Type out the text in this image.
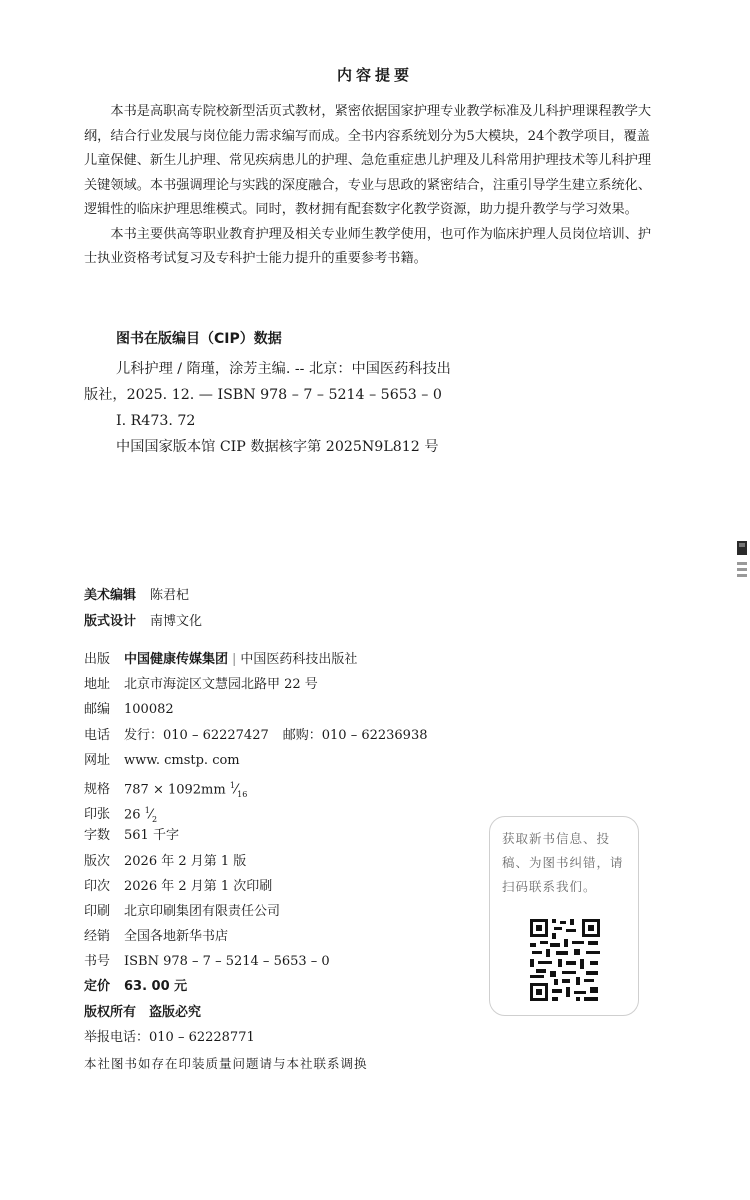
内容提要

本书是高职高专院校新型活页式教材，紧密依据国家护理专业教学标准及儿科护理课程教学大纲，结合行业发展与岗位能力需求编写而成。全书内容系统划分为5大模块，24个教学项目，覆盖儿童保健、新生儿护理、常见疾病患儿的护理、急危重症患儿护理及儿科常用护理技术等儿科护理关键领域。本书强调理论与实践的深度融合，专业与思政的紧密结合，注重引导学生建立系统化、逻辑性的临床护理思维模式。同时，教材拥有配套数字化教学资源，助力提升教学与学习效果。

本书主要供高等职业教育护理及相关专业师生教学使用，也可作为临床护理人员岗位培训、护士执业资格考试复习及专科护士能力提升的重要参考书籍。

图书在版编目（CIP）数据
儿科护理 / 隋瑾，涂芳主编. -- 北京：中国医药科技出
版社，2025. 12. — ISBN 978 – 7 – 5214 – 5653 – 0
Ⅰ. R473. 72
中国国家版本馆 CIP 数据核字第 2025N9L812 号
美术编辑 陈君杞
版式设计 南博文化
出版 中国健康传媒集团 | 中国医药科技出版社
地址 北京市海淀区文慧园北路甲 22 号
邮编 100082
电话 发行：010 – 62227427 邮购：010 – 62236938
网址 www. cmstp. com
规格 787 × 1092mm $^1⁄_{16}$
印张 26 $^1⁄_2$
字数 561 千字
版次 2026 年 2 月第 1 版
印次 2026 年 2 月第 1 次印刷
印刷 北京印刷集团有限责任公司
经销 全国各地新华书店
书号 ISBN 978 – 7 – 5214 – 5653 – 0
定价 63. 00 元
版权所有　盗版必究
举报电话：010 – 62228771
本社图书如存在印装质量问题请与本社联系调换
获取新书信息、投稿、为图书纠错，请扫码联系我们。
